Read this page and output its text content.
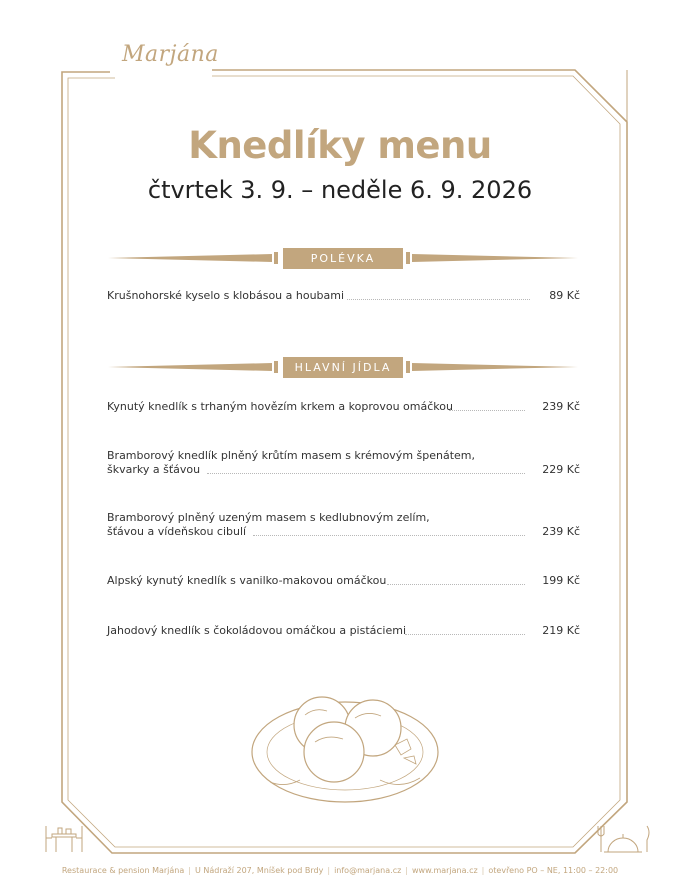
Marjána
Knedlíky menu
čtvrtek 3. 9. – neděle 6. 9. 2026
POLÉVKA
Krušnohorské kyselo s klobásou a houbami	89 Kč
HLAVNÍ JÍDLA
Kynutý knedlík s trhaným hovězím krkem a koprovou omáčkou	239 Kč
Bramborový knedlík plněný krůtím masem s krémovým špenátem,
škvarky a šťávou	229 Kč
Bramborový plněný uzeným masem s kedlubnovým zelím,
šťávou a vídeňskou cibulí	239 Kč
Alpský kynutý knedlík s vanilko-makovou omáčkou	199 Kč
Jahodový knedlík s čokoládovou omáčkou a pistáciemi	219 Kč
Restaurace & pension Marjána | U Nádraží 207, Mníšek pod Brdy | info@marjana.cz | www.marjana.cz | otevřeno PO – NE, 11:00 – 22:00
